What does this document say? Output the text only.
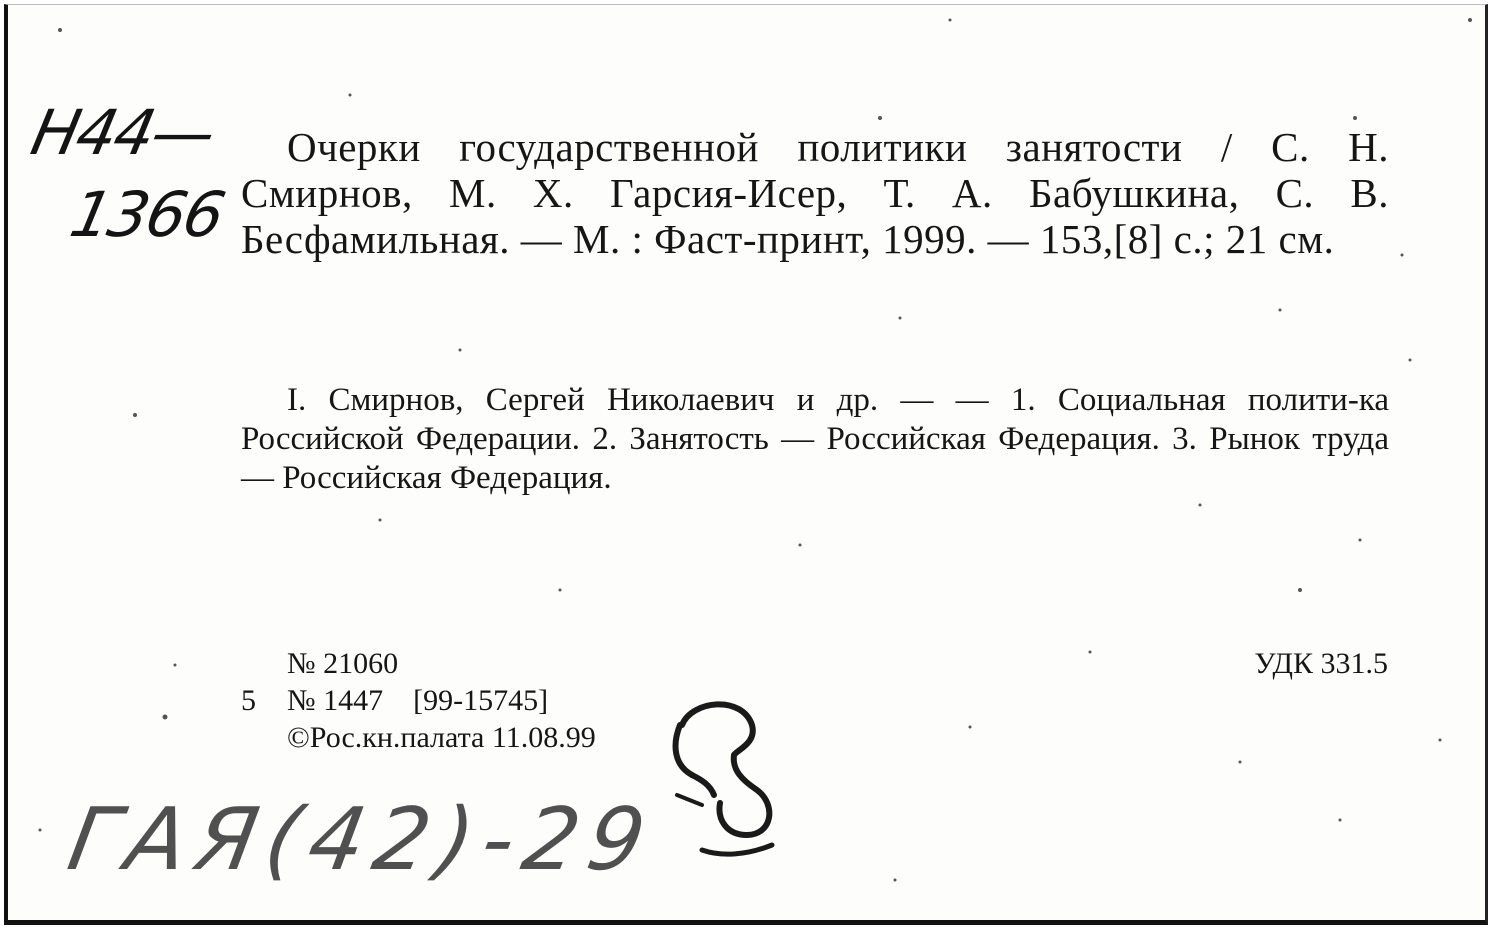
Н44—
1366
Очерки государственной политики занятости / С. Н. Смирнов, М. Х. Гарсия-Исер, Т. А. Бабушкина, С. В. Бесфамильная. — М. : Фаст-принт, 1999. — 153,[8] с.; 21 см.
I. Смирнов, Сергей Николаевич и др. — — 1. Социальная полити-ка Российской Федерации. 2. Занятость — Российская Федерация. 3. Рынок труда — Российская Федерация.
№ 21060
5 № 1447 [99-15745]
©Рос.кн.палата 11.08.99
УДК 331.5
ГАЯ(42)-29
